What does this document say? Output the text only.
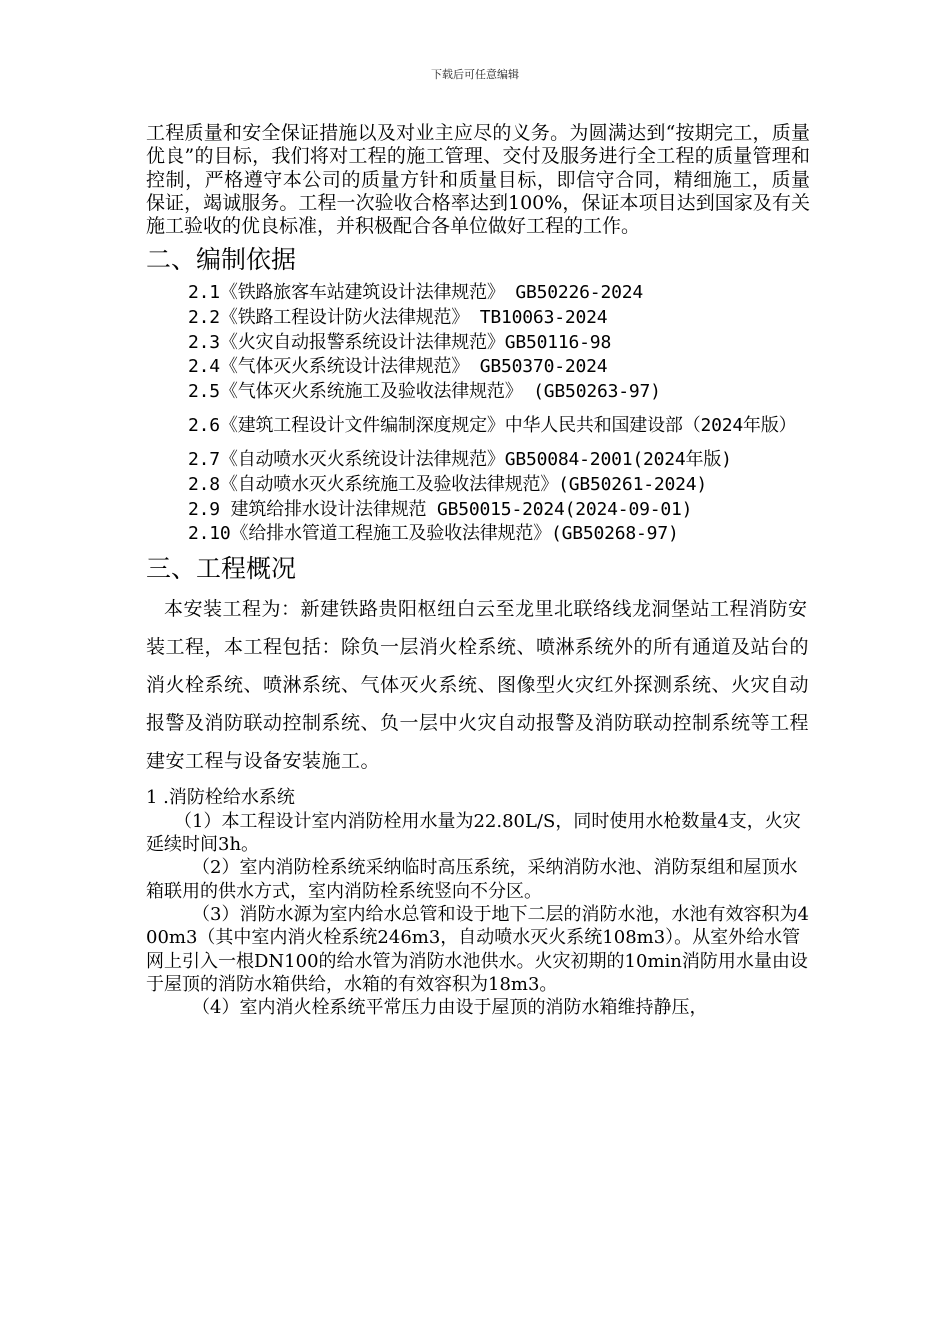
下载后可任意编辑

工程质量和安全保证措施以及对业主应尽的义务。为圆满达到“按期完工，质量优良”的目标，我们将对工程的施工管理、交付及服务进行全工程的质量管理和控制，严格遵守本公司的质量方针和质量目标，即信守合同，精细施工，质量保证，竭诚服务。工程一次验收合格率达到100%，保证本项目达到国家及有关施工验收的优良标准，并积极配合各单位做好工程的工作。

二、编制依据

2.1《铁路旅客车站建筑设计法律规范》 GB50226-2024

2.2《铁路工程设计防火法律规范》 TB10063-2024

2.3《火灾自动报警系统设计法律规范》GB50116-98

2.4《气体灭火系统设计法律规范》 GB50370-2024

2.5《气体灭火系统施工及验收法律规范》 (GB50263-97)

2.6《建筑工程设计文件编制深度规定》中华人民共和国建设部（2024年版）

2.7《自动喷水灭火系统设计法律规范》GB50084-2001(2024年版)

2.8《自动喷水灭火系统施工及验收法律规范》(GB50261-2024)

2.9 建筑给排水设计法律规范 GB50015-2024(2024-09-01)

2.10《给排水管道工程施工及验收法律规范》(GB50268-97)

三、工程概况

本安装工程为：新建铁路贵阳枢纽白云至龙里北联络线龙洞堡站工程消防安装工程，本工程包括：除负一层消火栓系统、喷淋系统外的所有通道及站台的消火栓系统、喷淋系统、气体灭火系统、图像型火灾红外探测系统、火灾自动报警及消防联动控制系统、负一层中火灾自动报警及消防联动控制系统等工程建安工程与设备安装施工。

1 .消防栓给水系统

（1）本工程设计室内消防栓用水量为22.80L/S，同时使用水枪数量4支，火灾延续时间3h。

（2）室内消防栓系统采纳临时高压系统，采纳消防水池、消防泵组和屋顶水箱联用的供水方式，室内消防栓系统竖向不分区。

（3）消防水源为室内给水总管和设于地下二层的消防水池，水池有效容积为400m3（其中室内消火栓系统246m3，自动喷水灭火系统108m3）。从室外给水管网上引入一根DN100的给水管为消防水池供水。火灾初期的10min消防用水量由设于屋顶的消防水箱供给，水箱的有效容积为18m3。

（4）室内消火栓系统平常压力由设于屋顶的消防水箱维持静压，
